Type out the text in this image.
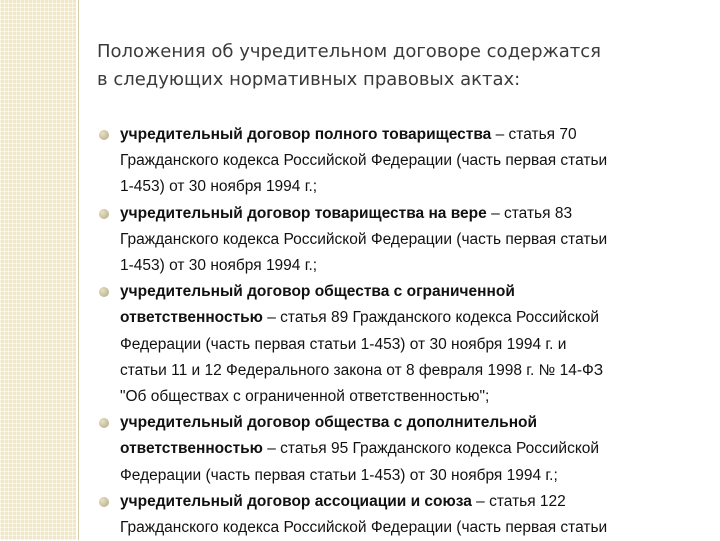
Положения об учредительном договоре содержатся
в следующих нормативных правовых актах:
учредительный договор полного товарищества – статья 70
Гражданского кодекса Российской Федерации (часть первая статьи
1-453) от 30 ноября 1994 г.;
учредительный договор товарищества на вере – статья 83
Гражданского кодекса Российской Федерации (часть первая статьи
1-453) от 30 ноября 1994 г.;
учредительный договор общества с ограниченной
ответственностью – статья 89 Гражданского кодекса Российской
Федерации (часть первая статьи 1-453) от 30 ноября 1994 г. и
статьи 11 и 12 Федерального закона от 8 февраля 1998 г. № 14-ФЗ
"Об обществах с ограниченной ответственностью";
учредительный договор общества с дополнительной
ответственностью – статья 95 Гражданского кодекса Российской
Федерации (часть первая статьи 1-453) от 30 ноября 1994 г.;
учредительный договор ассоциации и союза – статья 122
Гражданского кодекса Российской Федерации (часть первая статьи
